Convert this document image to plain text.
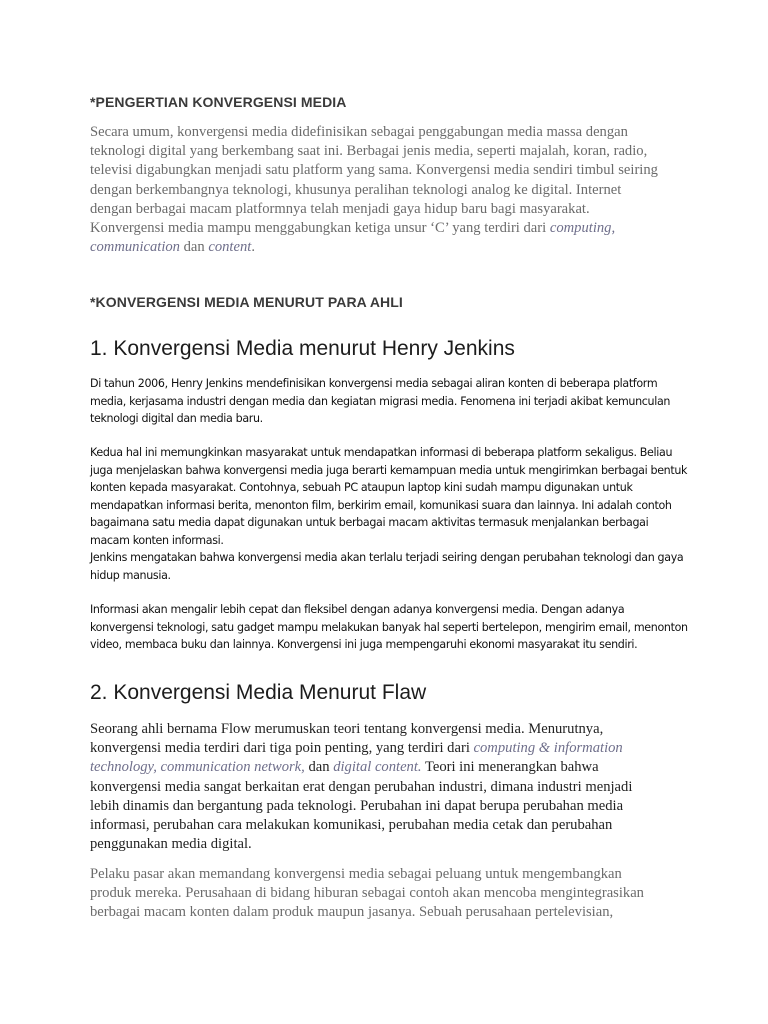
*PENGERTIAN KONVERGENSI MEDIA

Secara umum, konvergensi media didefinisikan sebagai penggabungan media massa dengan teknologi digital yang berkembang saat ini. Berbagai jenis media, seperti majalah, koran, radio, televisi digabungkan menjadi satu platform yang sama. Konvergensi media sendiri timbul seiring dengan berkembangnya teknologi, khusunya peralihan teknologi analog ke digital. Internet dengan berbagai macam platformnya telah menjadi gaya hidup baru bagi masyarakat. Konvergensi media mampu menggabungkan ketiga unsur ‘C’ yang terdiri dari computing, communication dan content.

*KONVERGENSI MEDIA MENURUT PARA AHLI
1. Konvergensi Media menurut Henry Jenkins

Di tahun 2006, Henry Jenkins mendefinisikan konvergensi media sebagai aliran konten di beberapa platform media, kerjasama industri dengan media dan kegiatan migrasi media. Fenomena ini terjadi akibat kemunculan teknologi digital dan media baru.

Kedua hal ini memungkinkan masyarakat untuk mendapatkan informasi di beberapa platform sekaligus. Beliau juga menjelaskan bahwa konvergensi media juga berarti kemampuan media untuk mengirimkan berbagai bentuk konten kepada masyarakat. Contohnya, sebuah PC ataupun laptop kini sudah mampu digunakan untuk mendapatkan informasi berita, menonton film, berkirim email, komunikasi suara dan lainnya. Ini adalah contoh bagaimana satu media dapat digunakan untuk berbagai macam aktivitas termasuk menjalankan berbagai macam konten informasi.
Jenkins mengatakan bahwa konvergensi media akan terlalu terjadi seiring dengan perubahan teknologi dan gaya hidup manusia.

Informasi akan mengalir lebih cepat dan fleksibel dengan adanya konvergensi media. Dengan adanya konvergensi teknologi, satu gadget mampu melakukan banyak hal seperti bertelepon, mengirim email, menonton video, membaca buku dan lainnya. Konvergensi ini juga mempengaruhi ekonomi masyarakat itu sendiri.

2. Konvergensi Media Menurut Flaw

Seorang ahli bernama Flow merumuskan teori tentang konvergensi media. Menurutnya, konvergensi media terdiri dari tiga poin penting, yang terdiri dari computing & information technology, communication network, dan digital content. Teori ini menerangkan bahwa konvergensi media sangat berkaitan erat dengan perubahan industri, dimana industri menjadi lebih dinamis dan bergantung pada teknologi. Perubahan ini dapat berupa perubahan media informasi, perubahan cara melakukan komunikasi, perubahan media cetak dan perubahan penggunakan media digital.

Pelaku pasar akan memandang konvergensi media sebagai peluang untuk mengembangkan produk mereka. Perusahaan di bidang hiburan sebagai contoh akan mencoba mengintegrasikan berbagai macam konten dalam produk maupun jasanya. Sebuah perusahaan pertelevisian,
